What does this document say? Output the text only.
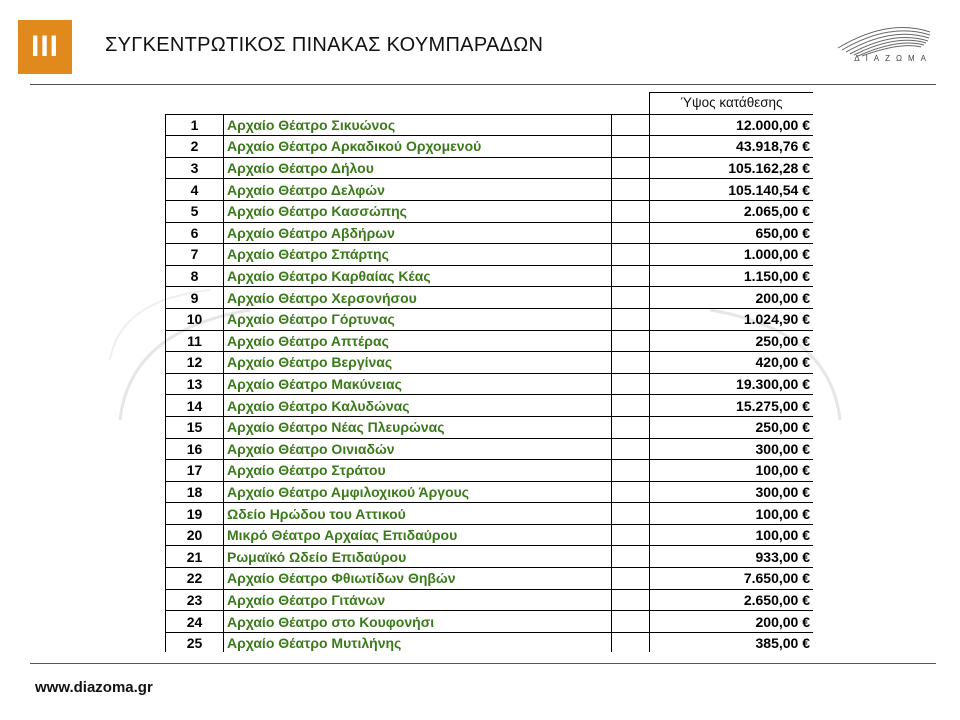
III	ΣΥΓΚΕΝΤΡΩΤΙΚΟΣ ΠΙΝΑΚΑΣ ΚΟΥΜΠΑΡΑΔΩΝ
ΔΙΑΖΩΜΑ
			Ύψος κατάθεσης
1	Αρχαίο Θέατρο Σικυώνος		12.000,00 €
2	Αρχαίο Θέατρο Αρκαδικού Ορχομενού		43.918,76 €
3	Αρχαίο Θέατρο Δήλου		105.162,28 €
4	Αρχαίο Θέατρο Δελφών		105.140,54 €
5	Αρχαίο Θέατρο Κασσώπης		2.065,00 €
6	Αρχαίο Θέατρο Αβδήρων		650,00 €
7	Αρχαίο Θέατρο Σπάρτης		1.000,00 €
8	Αρχαίο Θέατρο Καρθαίας Κέας		1.150,00 €
9	Αρχαίο Θέατρο Χερσονήσου		200,00 €
10	Αρχαίο Θέατρο Γόρτυνας		1.024,90 €
11	Αρχαίο Θέατρο Απτέρας		250,00 €
12	Αρχαίο Θέατρο Βεργίνας		420,00 €
13	Αρχαίο Θέατρο Μακύνειας		19.300,00 €
14	Αρχαίο Θέατρο Καλυδώνας		15.275,00 €
15	Αρχαίο Θέατρο Νέας Πλευρώνας		250,00 €
16	Αρχαίο Θέατρο Οινιαδών		300,00 €
17	Αρχαίο Θέατρο Στράτου		100,00 €
18	Αρχαίο Θέατρο Αμφιλοχικού Άργους		300,00 €
19	Ωδείο Ηρώδου του Αττικού		100,00 €
20	Μικρό Θέατρο Αρχαίας Επιδαύρου		100,00 €
21	Ρωμαϊκό Ωδείο Επιδαύρου		933,00 €
22	Αρχαίο Θέατρο Φθιωτίδων Θηβών		7.650,00 €
23	Αρχαίο Θέατρο Γιτάνων		2.650,00 €
24	Αρχαίο Θέατρο στο Κουφονήσι		200,00 €
25	Αρχαίο Θέατρο Μυτιλήνης		385,00 €
www.diazoma.gr
